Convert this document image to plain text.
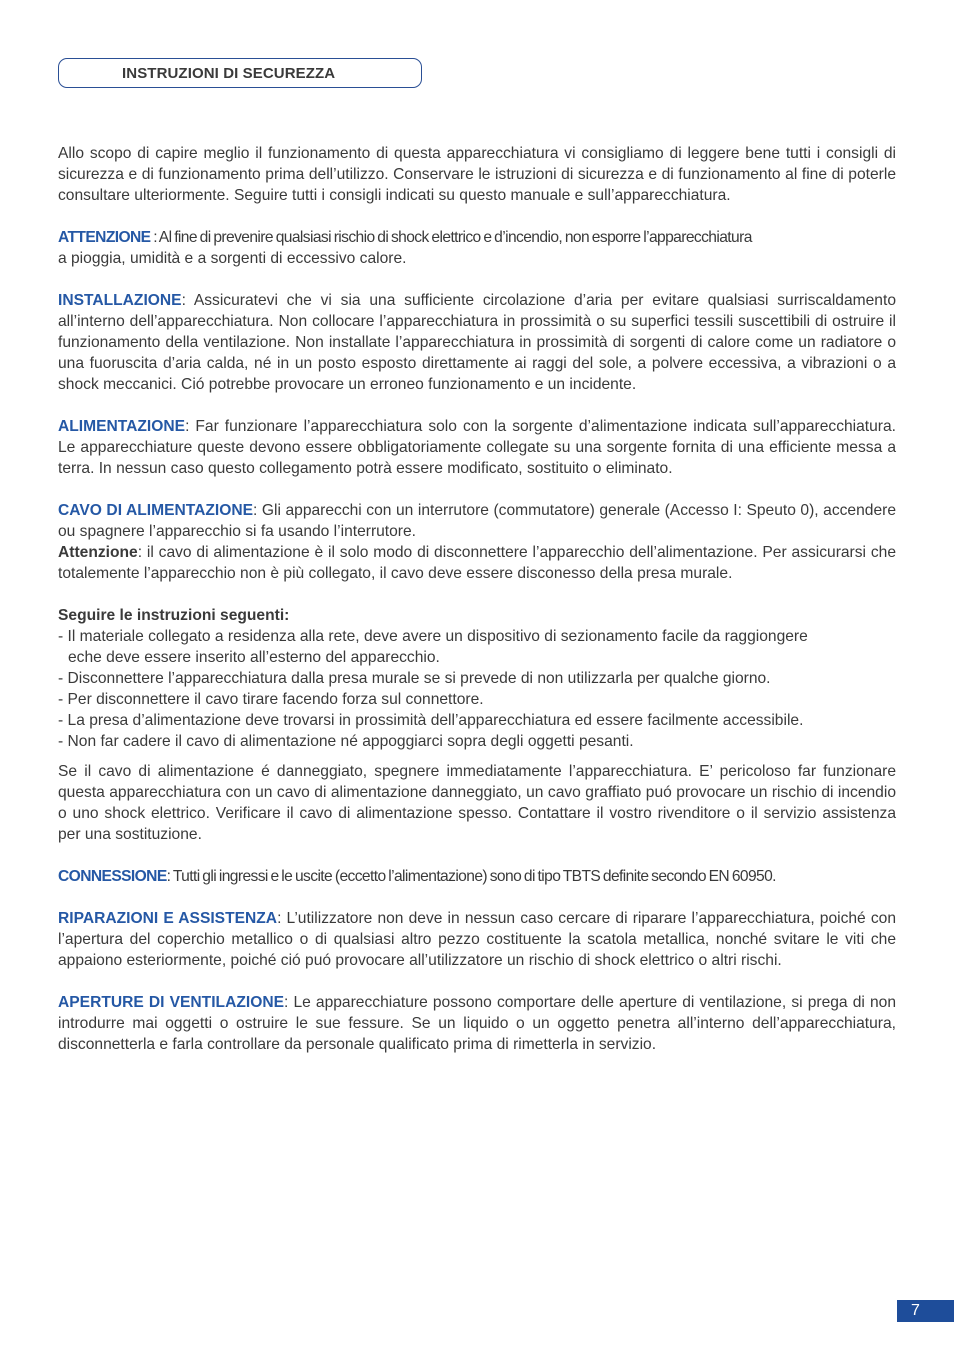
INSTRUZIONI DI SECUREZZA

Allo scopo di capire meglio il funzionamento di questa apparecchiatura vi consigliamo di leggere bene tutti i consigli di sicurezza e di funzionamento prima dell’utilizzo. Conservare le istruzioni di sicurezza e di funzionamento al fine di poterle consultare ulteriormente. Seguire tutti i consigli indicati su questo manuale e sull’apparecchiatura.

ATTENZIONE : Al fine di prevenire qualsiasi rischio di shock elettrico e d’incendio, non esporre l’apparecchiatura
a pioggia, umidità e a sorgenti di eccessivo calore.

INSTALLAZIONE: Assicuratevi che vi sia una sufficiente circolazione d’aria per evitare qualsiasi surriscaldamento all’interno dell’apparecchiatura. Non collocare l’apparecchiatura in prossimità o su superfici tessili suscettibili di ostruire il funzionamento della ventilazione. Non installate l’apparecchiatura in prossimità di sorgenti di calore come un radiatore o una fuoruscita d’aria calda, né in un posto esposto direttamente ai raggi del sole, a polvere eccessiva, a vibrazioni o a shock meccanici. Ció potrebbe provocare un erroneo funzionamento e un incidente.

ALIMENTAZIONE: Far funzionare l’apparecchiatura solo con la sorgente d’alimentazione indicata sull’apparecchiatura. Le apparecchiature queste devono essere obbligatoriamente collegate su una sorgente fornita di una efficiente messa a terra. In nessun caso questo collegamento potrà essere modificato, sostituito o eliminato.

CAVO DI ALIMENTAZIONE: Gli apparecchi con un interrutore (commutatore) generale (Accesso I: Speuto 0), accendere ou spagnere l’apparecchio si fa usando l’interrutore.

Attenzione: il cavo di alimentazione è il solo modo di disconnettere l’apparecchio dell’alimentazione. Per assicurarsi che totalemente l’apparecchio non è più collegato, il cavo deve essere disconesso della presa murale.

Seguire le instruzioni seguenti:
- Il materiale collegato a residenza alla rete, deve avere un dispositivo di sezionamento facile da raggiongere
eche deve essere inserito all’esterno del apparecchio.
- Disconnettere l’apparecchiatura dalla presa murale se si prevede di non utilizzarla per qualche giorno.
- Per disconnettere il cavo tirare facendo forza sul connettore.
- La presa d’alimentazione deve trovarsi in prossimità dell’apparecchiatura ed essere facilmente accessibile.
- Non far cadere il cavo di alimentazione né appoggiarci sopra degli oggetti pesanti.

Se il cavo di alimentazione é danneggiato, spegnere immediatamente l’apparecchiatura. E’ pericoloso far funzionare questa apparecchiatura con un cavo di alimentazione danneggiato, un cavo graffiato puó provocare un rischio di incendio o uno shock elettrico. Verificare il cavo di alimentazione spesso. Contattare il vostro rivenditore o il servizio assistenza per una sostituzione.

CONNESSIONE: Tutti gli ingressi e le uscite (eccetto l’alimentazione) sono di tipo TBTS definite secondo EN 60950.

RIPARAZIONI E ASSISTENZA: L’utilizzatore non deve in nessun caso cercare di riparare l’apparecchiatura, poiché con l’apertura del coperchio metallico o di qualsiasi altro pezzo costituente la scatola metallica, nonché svitare le viti che appaiono esteriormente, poiché ció puó provocare all’utilizzatore un rischio di shock elettrico o altri rischi.

APERTURE DI VENTILAZIONE: Le apparecchiature possono comportare delle aperture di ventilazione, si prega di non introdurre mai oggetti o ostruire le sue fessure. Se un liquido o un oggetto penetra all’interno dell’apparecchiatura, disconnetterla e farla controllare da personale qualificato prima di rimetterla in servizio.

7
